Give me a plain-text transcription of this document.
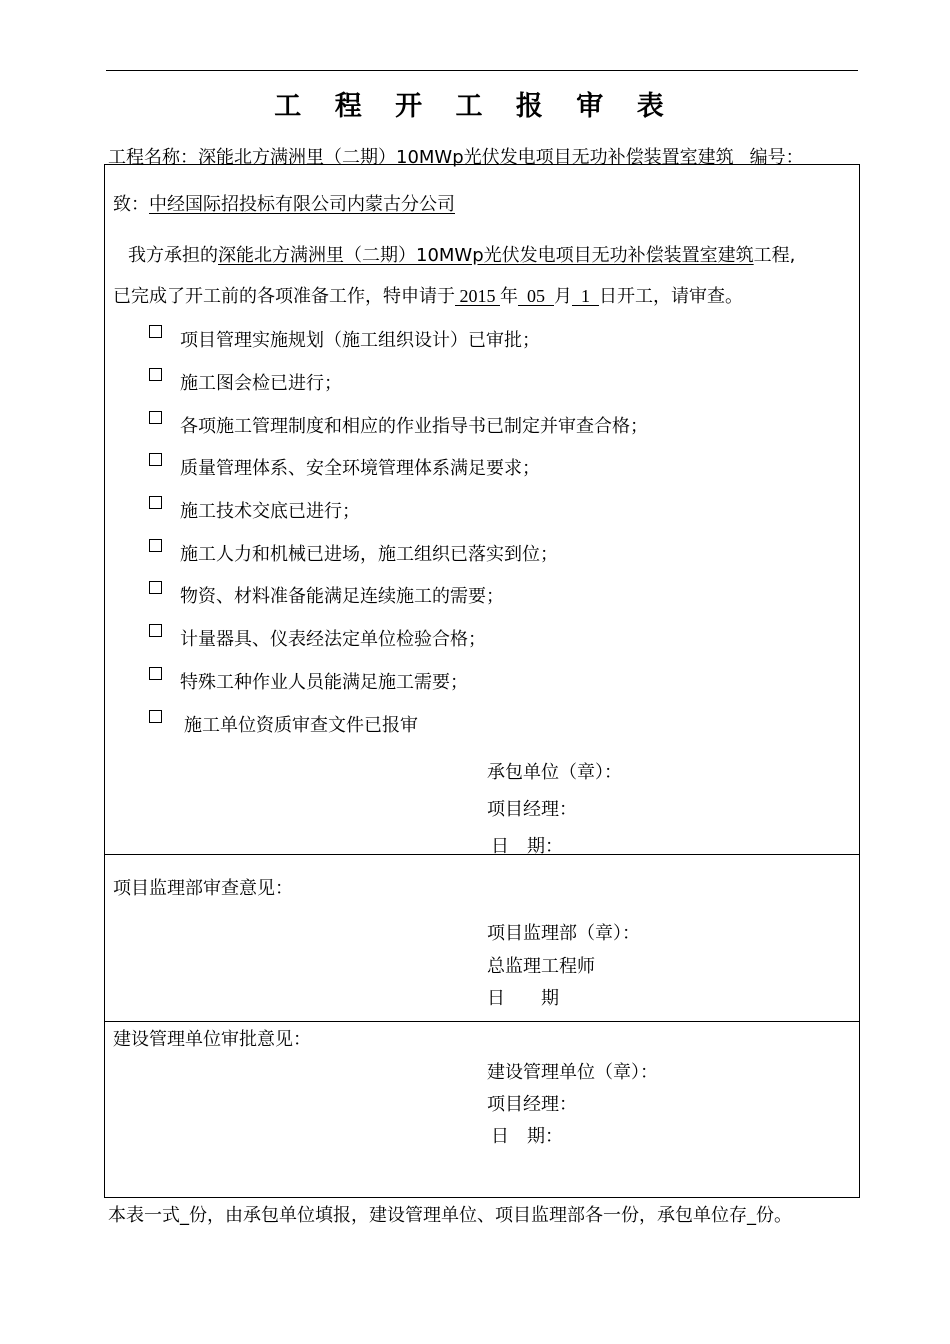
工 程 开 工 报 审 表
工程名称：深能北方满洲里（二期）10MWp光伏发电项目无功补偿装置室建筑 编号：
致：中经国际招投标有限公司内蒙古分公司
我方承担的深能北方满洲里（二期）10MWp光伏发电项目无功补偿装置室建筑工程,
已完成了开工前的各项准备工作，特申请于 2015 年 05 月 1 日开工，请审查。
项目管理实施规划（施工组织设计）已审批；
施工图会检已进行；
各项施工管理制度和相应的作业指导书已制定并审查合格；
质量管理体系、安全环境管理体系满足要求；
施工技术交底已进行；
施工人力和机械已进场，施工组织已落实到位；
物资、材料准备能满足连续施工的需要；
计量器具、仪表经法定单位检验合格；
特殊工种作业人员能满足施工需要；
施工单位资质审查文件已报审
承包单位（章）：
项目经理：
日　期：
项目监理部审查意见：
项目监理部（章）：
总监理工程师
日　　期
建设管理单位审批意见：
建设管理单位（章）：
项目经理：
日　期：
本表一式_份，由承包单位填报，建设管理单位、项目监理部各一份，承包单位存_份。
